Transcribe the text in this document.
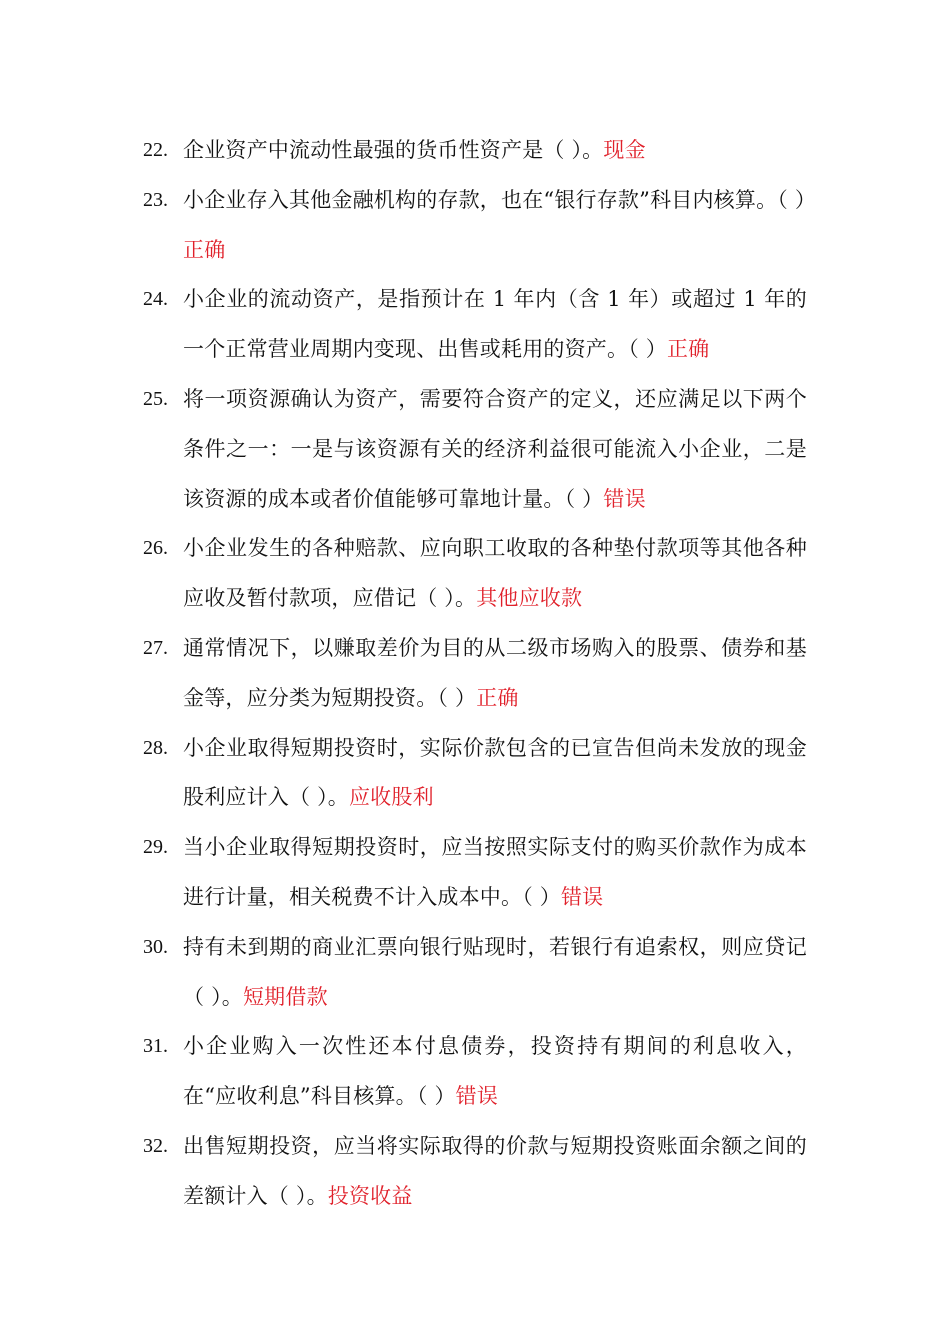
22. 企业资产中流动性最强的货币性资产是（ ）。现金
23. 小企业存入其他金融机构的存款，也在“银行存款”科目内核算。（ ）正确
24. 小企业的流动资产，是指预计在 1 年内（含 1 年）或超过 1 年的一个正常营业周期内变现、出售或耗用的资产。（ ）正确
25. 将一项资源确认为资产，需要符合资产的定义，还应满足以下两个条件之一：一是与该资源有关的经济利益很可能流入小企业，二是该资源的成本或者价值能够可靠地计量。（ ）错误
26. 小企业发生的各种赔款、应向职工收取的各种垫付款项等其他各种应收及暂付款项，应借记（ ）。其他应收款
27. 通常情况下，以赚取差价为目的从二级市场购入的股票、债券和基金等，应分类为短期投资。（ ）正确
28. 小企业取得短期投资时，实际价款包含的已宣告但尚未发放的现金股利应计入（ ）。应收股利
29. 当小企业取得短期投资时，应当按照实际支付的购买价款作为成本进行计量，相关税费不计入成本中。（ ）错误
30. 持有未到期的商业汇票向银行贴现时，若银行有追索权，则应贷记（ ）。短期借款
31. 小企业购入一次性还本付息债券，投资持有期间的利息收入，在“应收利息”科目核算。（ ）错误
32. 出售短期投资，应当将实际取得的价款与短期投资账面余额之间的差额计入（ ）。投资收益
